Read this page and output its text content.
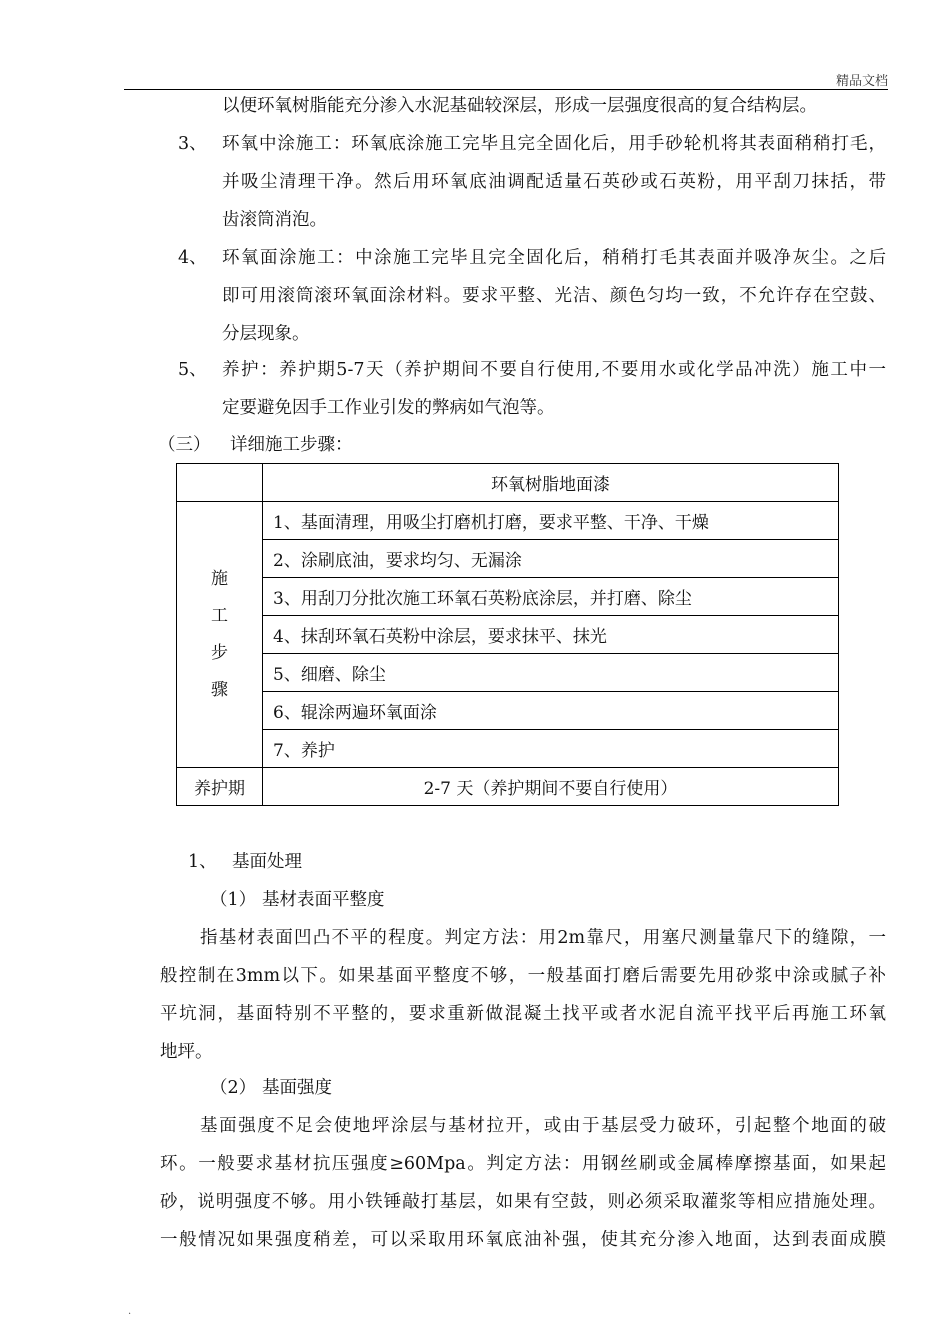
精品文档
以便环氧树脂能充分渗入水泥基础较深层，形成一层强度很高的复合结构层。
3、 环氧中涂施工：环氧底涂施工完毕且完全固化后，用手砂轮机将其表面稍稍打毛，
并吸尘清理干净。然后用环氧底油调配适量石英砂或石英粉，用平刮刀抹括，带
齿滚筒消泡。
4、 环氧面涂施工：中涂施工完毕且完全固化后，稍稍打毛其表面并吸净灰尘。之后
即可用滚筒滚环氧面涂材料。要求平整、光洁、颜色匀均一致，不允许存在空鼓、
分层现象。
5、 养护：养护期5-7天（养护期间不要自行使用,不要用水或化学品冲洗）施工中一
定要避免因手工作业引发的弊病如气泡等。
（三） 详细施工步骤：
	环氧树脂地面漆

施
工
步
骤	1、基面清理，用吸尘打磨机打磨，要求平整、干净、干燥
	2、涂刷底油，要求均匀、无漏涂
	3、用刮刀分批次施工环氧石英粉底涂层，并打磨、除尘
	4、抹刮环氧石英粉中涂层，要求抹平、抹光
	5、细磨、除尘
	6、辊涂两遍环氧面涂
	7、养护
养护期	2-7 天（养护期间不要自行使用）
1、 基面处理
（1） 基材表面平整度
指基材表面凹凸不平的程度。判定方法：用2m靠尺，用塞尺测量靠尺下的缝隙，一
般控制在3mm以下。如果基面平整度不够，一般基面打磨后需要先用砂浆中涂或腻子补
平坑洞，基面特别不平整的，要求重新做混凝土找平或者水泥自流平找平后再施工环氧
地坪。
（2） 基面强度
基面强度不足会使地坪涂层与基材拉开，或由于基层受力破环，引起整个地面的破
环。一般要求基材抗压强度≥60Mpa。判定方法：用钢丝刷或金属棒摩擦基面，如果起
砂，说明强度不够。用小铁锤敲打基层，如果有空鼓，则必须采取灌浆等相应措施处理。
一般情况如果强度稍差，可以采取用环氧底油补强，使其充分渗入地面，达到表面成膜
.
